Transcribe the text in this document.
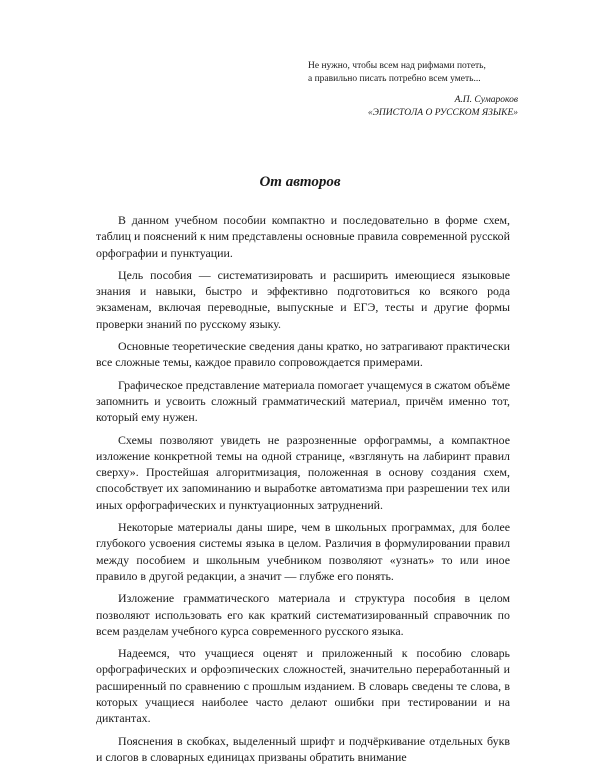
Не нужно, чтобы всем над рифмами потеть,
а правильно писать потребно всем уметь...
А.П. Сумароков
«ЭПИСТОЛА О РУССКОМ ЯЗЫКЕ»
От авторов

В данном учебном пособии компактно и последовательно в форме схем, таблиц и пояснений к ним представлены основные правила современной русской орфографии и пунктуации.

Цель пособия — систематизировать и расширить имеющиеся языковые знания и навыки, быстро и эффективно подготовиться ко всякого рода экзаменам, включая переводные, выпускные и ЕГЭ, тесты и другие формы проверки знаний по русскому языку.

Основные теоретические сведения даны кратко, но затрагивают практически все сложные темы, каждое правило сопровождается примерами.

Графическое представление материала помогает учащемуся в сжатом объёме запомнить и усвоить сложный грамматический материал, причём именно тот, который ему нужен.

Схемы позволяют увидеть не разрозненные орфограммы, а компактное изложение конкретной темы на одной странице, «взглянуть на лабиринт правил сверху». Простейшая алгоритмизация, положенная в основу создания схем, способствует их запоминанию и выработке автоматизма при разрешении тех или иных орфографических и пунктуационных затруднений.

Некоторые материалы даны шире, чем в школьных программах, для более глубокого усвоения системы языка в целом. Различия в формулировании правил между пособием и школьным учебником позволяют «узнать» то или иное правило в другой редакции, а значит — глубже его понять.

Изложение грамматического материала и структура пособия в целом позволяют использовать его как краткий систематизированный справочник по всем разделам учебного курса современного русского языка.

Надеемся, что учащиеся оценят и приложенный к пособию словарь орфографических и орфоэпических сложностей, значительно переработанный и расширенный по сравнению с прошлым изданием. В словарь сведены те слова, в которых учащиеся наиболее часто делают ошибки при тестировании и на диктантах.

Пояснения в скобках, выделенный шрифт и подчёркивание отдельных букв и слогов в словарных единицах призваны обратить внимание
